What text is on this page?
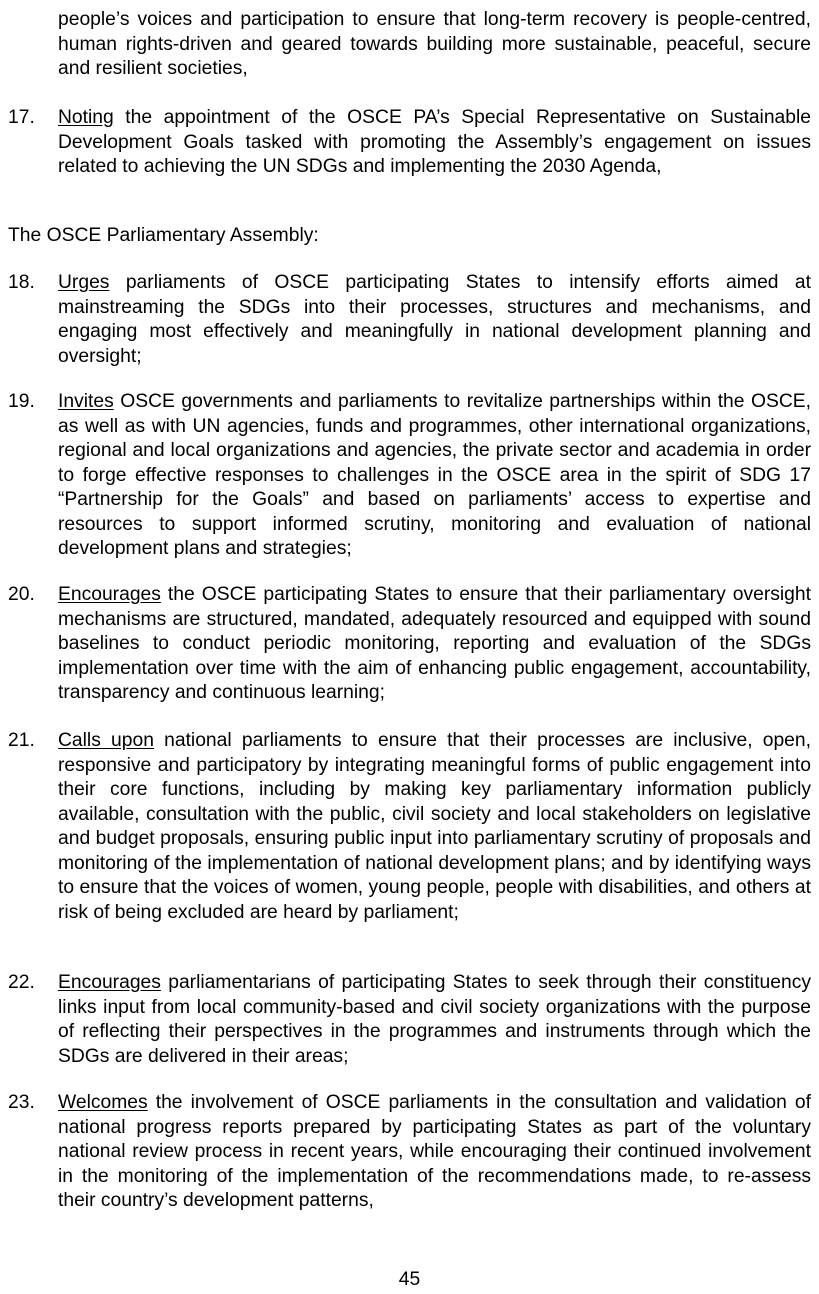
people’s voices and participation to ensure that long-term recovery is people-centred, human rights-driven and geared towards building more sustainable, peaceful, secure and resilient societies,

17. Noting the appointment of the OSCE PA’s Special Representative on Sustainable Development Goals tasked with promoting the Assembly’s engagement on issues related to achieving the UN SDGs and implementing the 2030 Agenda,

The OSCE Parliamentary Assembly:

18. Urges parliaments of OSCE participating States to intensify efforts aimed at mainstreaming the SDGs into their processes, structures and mechanisms, and engaging most effectively and meaningfully in national development planning and oversight;

19. Invites OSCE governments and parliaments to revitalize partnerships within the OSCE, as well as with UN agencies, funds and programmes, other international organizations, regional and local organizations and agencies, the private sector and academia in order to forge effective responses to challenges in the OSCE area in the spirit of SDG 17 “Partnership for the Goals” and based on parliaments’ access to expertise and resources to support informed scrutiny, monitoring and evaluation of national development plans and strategies;

20. Encourages the OSCE participating States to ensure that their parliamentary oversight mechanisms are structured, mandated, adequately resourced and equipped with sound baselines to conduct periodic monitoring, reporting and evaluation of the SDGs implementation over time with the aim of enhancing public engagement, accountability, transparency and continuous learning;

21. Calls upon national parliaments to ensure that their processes are inclusive, open, responsive and participatory by integrating meaningful forms of public engagement into their core functions, including by making key parliamentary information publicly available, consultation with the public, civil society and local stakeholders on legislative and budget proposals, ensuring public input into parliamentary scrutiny of proposals and monitoring of the implementation of national development plans; and by identifying ways to ensure that the voices of women, young people, people with disabilities, and others at risk of being excluded are heard by parliament;

22. Encourages parliamentarians of participating States to seek through their constituency links input from local community-based and civil society organizations with the purpose of reflecting their perspectives in the programmes and instruments through which the SDGs are delivered in their areas;

23. Welcomes the involvement of OSCE parliaments in the consultation and validation of national progress reports prepared by participating States as part of the voluntary national review process in recent years, while encouraging their continued involvement in the monitoring of the implementation of the recommendations made, to re-assess their country’s development patterns,

45
